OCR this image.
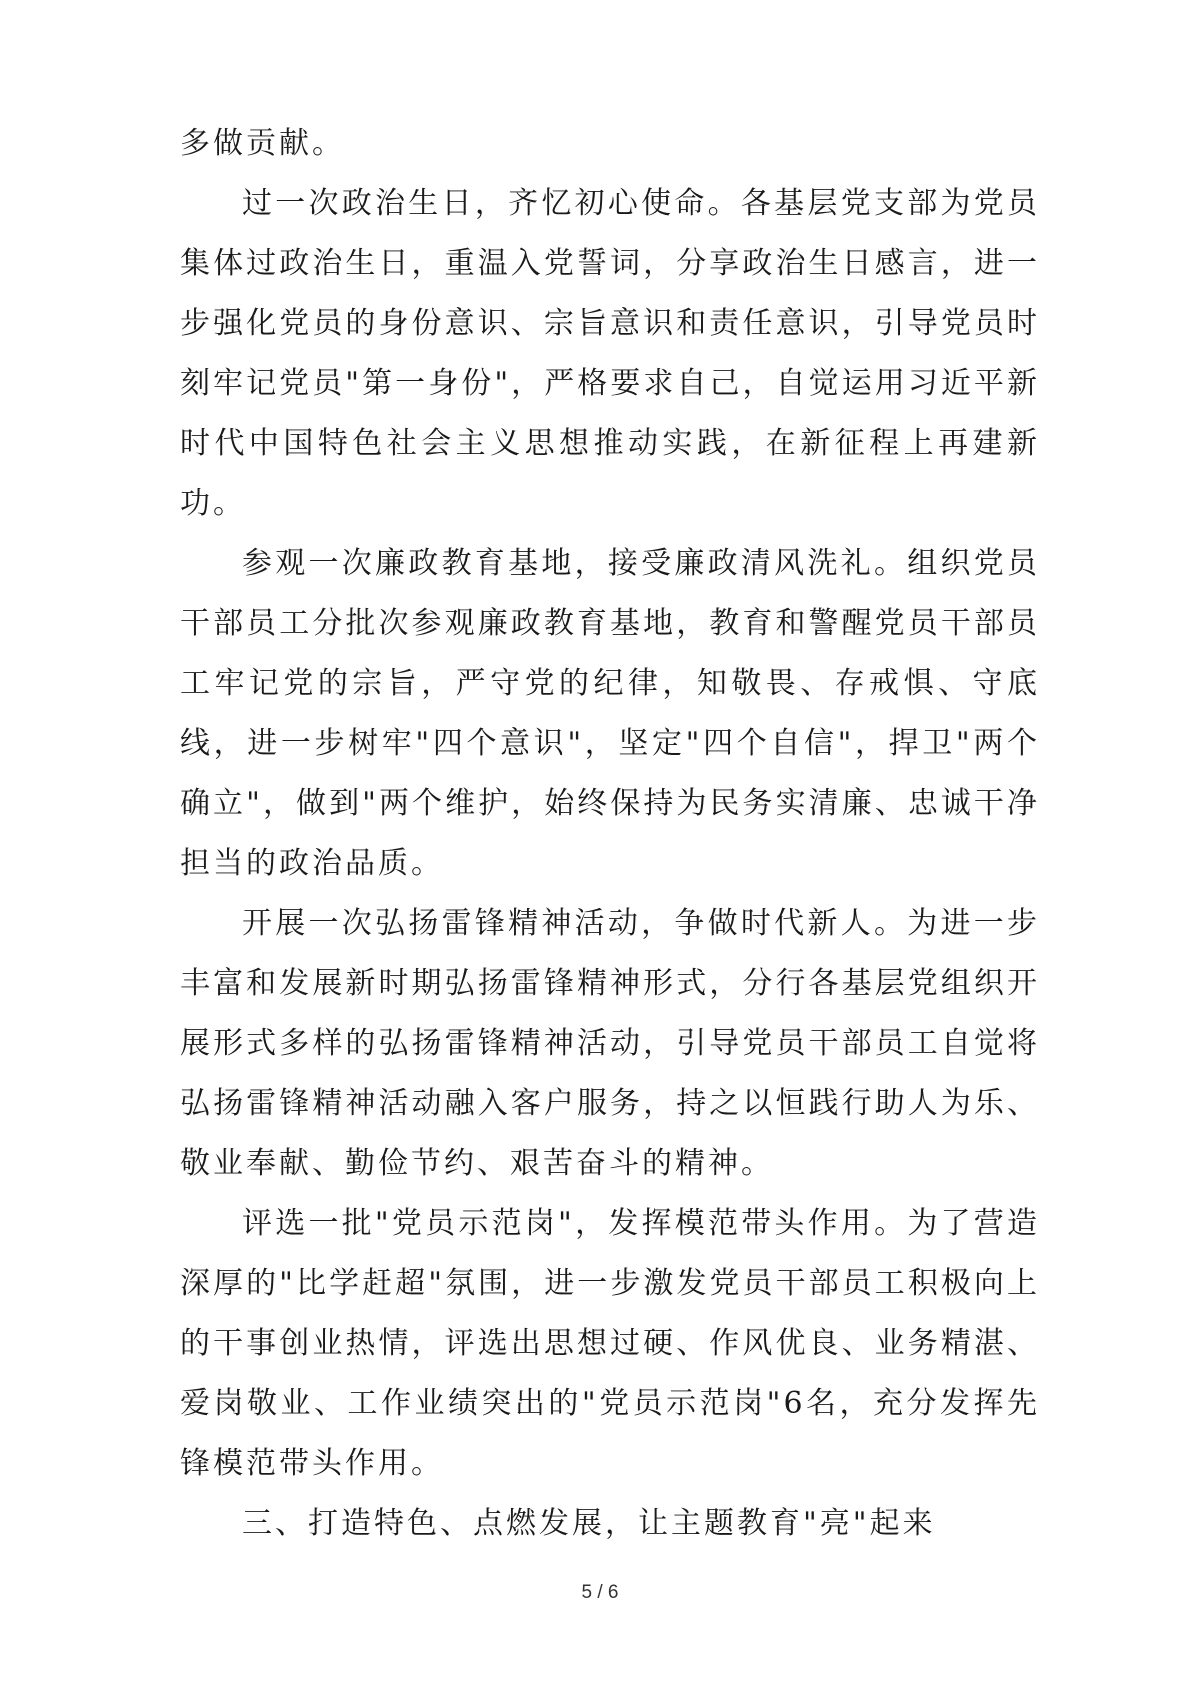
多做贡献。

过一次政治生日，齐忆初心使命。各基层党支部为党员集体过政治生日，重温入党誓词，分享政治生日感言，进一步强化党员的身份意识、宗旨意识和责任意识，引导党员时刻牢记党员"第一身份"，严格要求自己，自觉运用习近平新时代中国特色社会主义思想推动实践，在新征程上再建新功。

参观一次廉政教育基地，接受廉政清风洗礼。组织党员干部员工分批次参观廉政教育基地，教育和警醒党员干部员工牢记党的宗旨，严守党的纪律，知敬畏、存戒惧、守底线，进一步树牢"四个意识"，坚定"四个自信"，捍卫"两个确立"，做到"两个维护，始终保持为民务实清廉、忠诚干净担当的政治品质。

开展一次弘扬雷锋精神活动，争做时代新人。为进一步丰富和发展新时期弘扬雷锋精神形式，分行各基层党组织开展形式多样的弘扬雷锋精神活动，引导党员干部员工自觉将弘扬雷锋精神活动融入客户服务，持之以恒践行助人为乐、敬业奉献、勤俭节约、艰苦奋斗的精神。

评选一批"党员示范岗"，发挥模范带头作用。为了营造深厚的"比学赶超"氛围，进一步激发党员干部员工积极向上的干事创业热情，评选出思想过硬、作风优良、业务精湛、爱岗敬业、工作业绩突出的"党员示范岗"6名，充分发挥先锋模范带头作用。

三、打造特色、点燃发展，让主题教育"亮"起来

5 / 6
